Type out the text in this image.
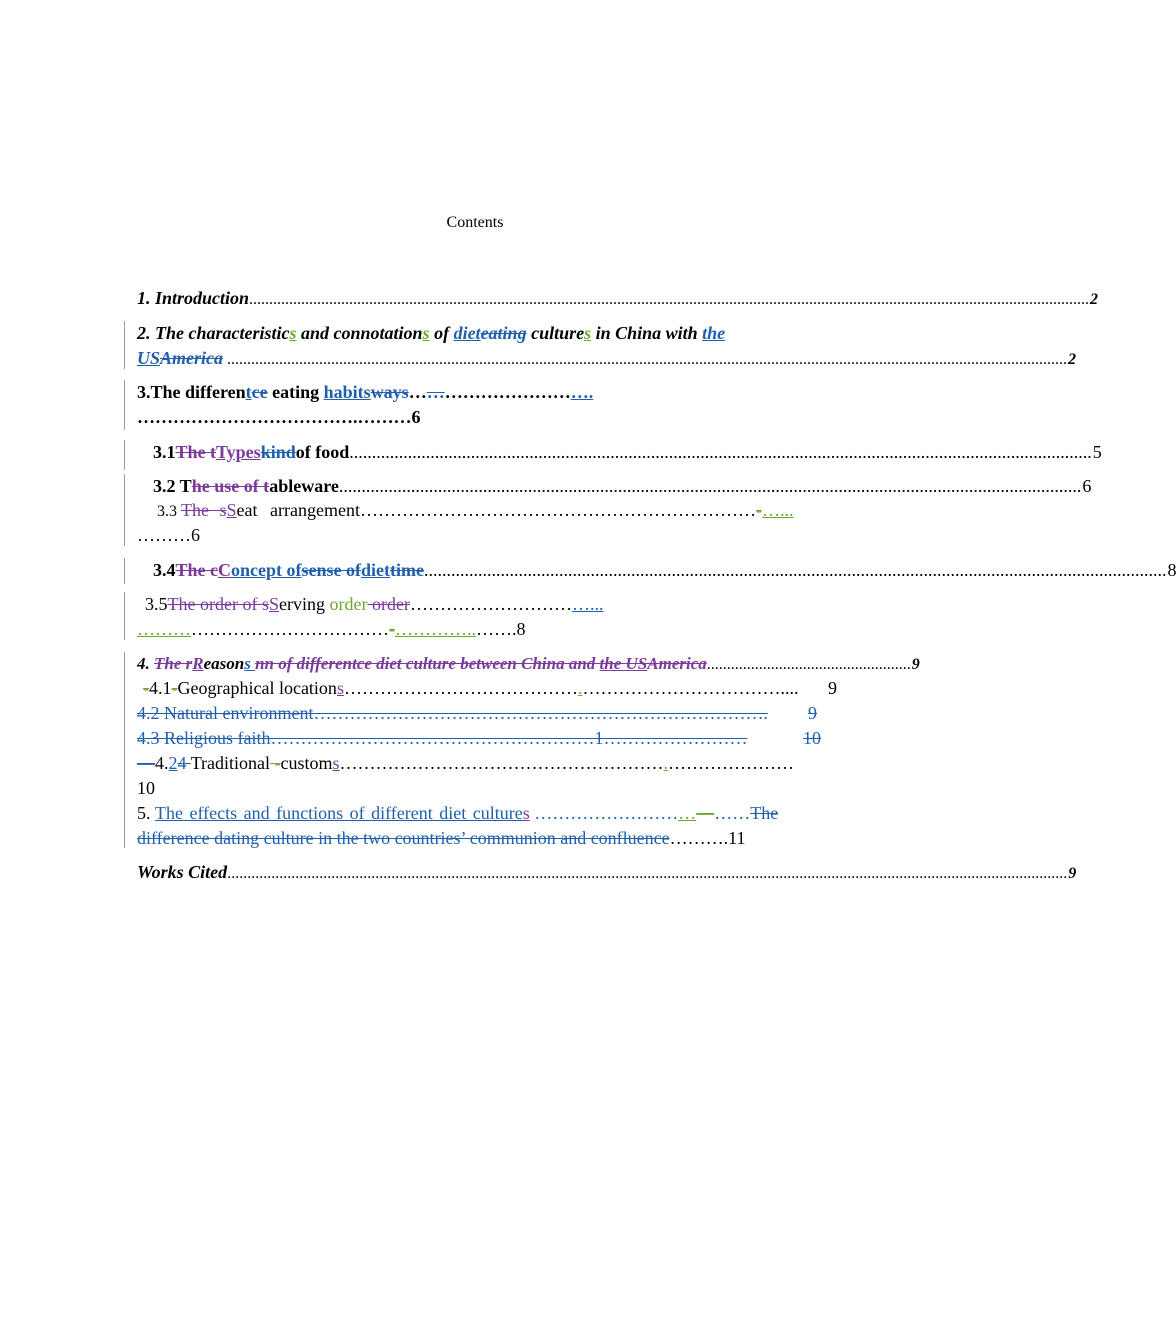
Contents
1. Introduction .................................................................................................................................................................................................................. 2
2. The characteristics and connotations of dieteating cultures in China with the
US America .................................................................................................................................................................................................................. 2
3.The differentce eating habitsways………………………….
……………………………….………6
3.1 The t Types kind of food ..................................................................................................................................................................... 5
3.2 T he use of t ableware ..................................................................................................................................................................... 6
3.3 The sSeat arrangement…………………………………………………………-…...
………6
3.4 The c C oncept of sense of diet time ..................................................................................................................................................................... 8
3.5The order of sServing order order…………………………...
……………………………………-…………..…….8
4. The rReasons nn of differentce diet culture between China and the USAmerica ................................................... 9
- 4.1 - Geographical location s ………………………………… . ……………………………....	9
4.2 Natural environment ………………………………………………………………….	9
4.3 Religious faith ………………………………………………1……………………	10
—4.24 Traditional -customs……………………………………………….…………………
10
5. The effects and functions of different diet cultures ………………………—……The
difference dating culture in the two countries’ communion and confluence……….11
Works Cited .................................................................................................................................................................................................................. 9
